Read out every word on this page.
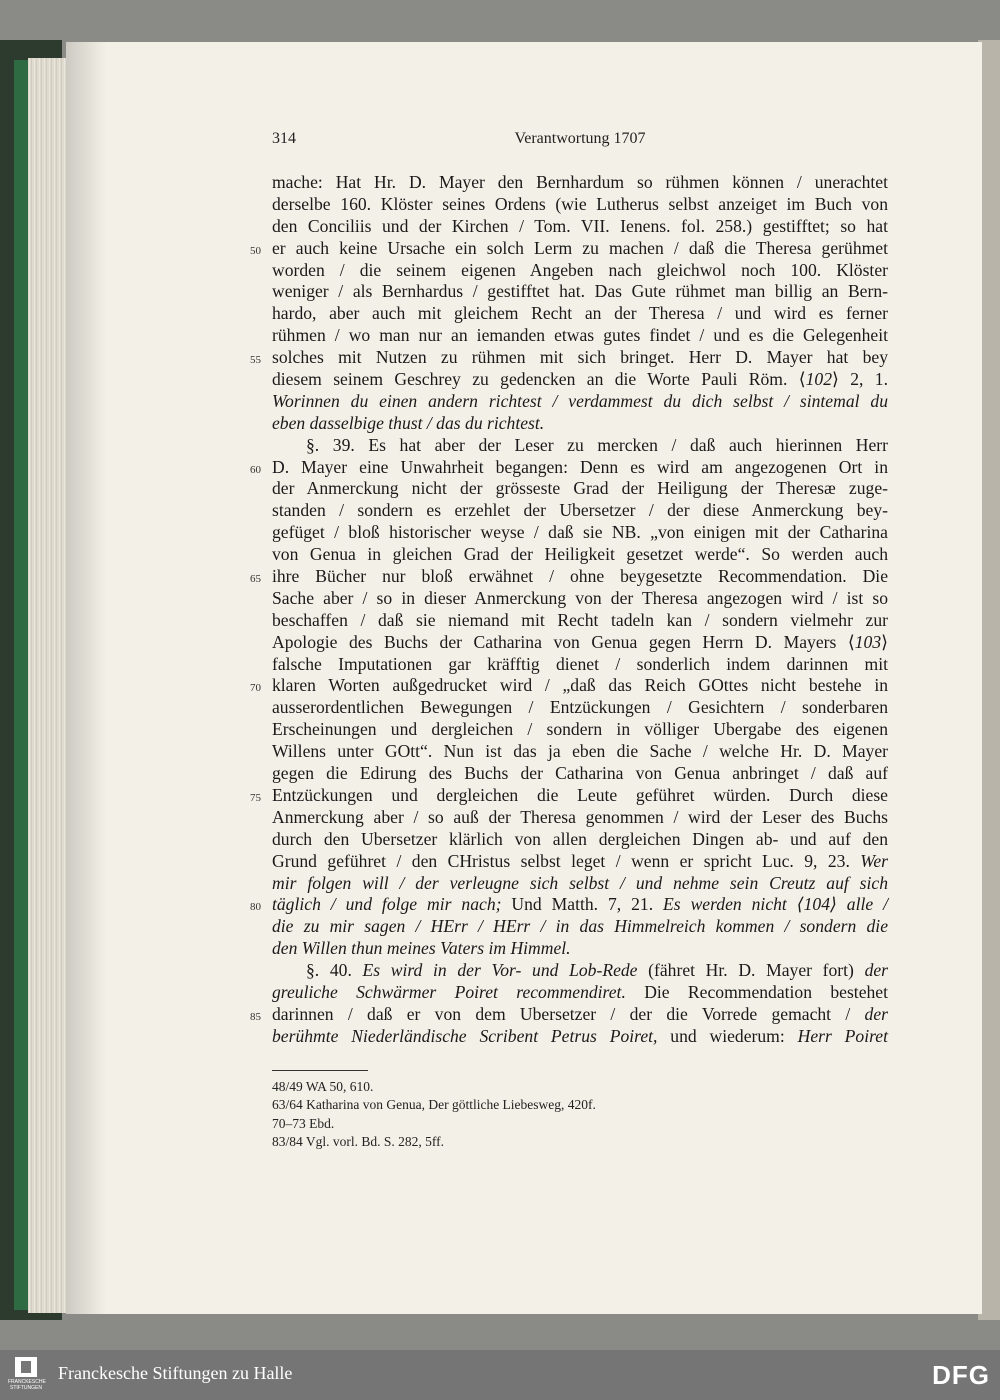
314	Verantwortung 1707
mache: Hat Hr. D. Mayer den Bernhardum so rühmen können / unerachtet
derselbe 160. Klöster seines Ordens (wie Lutherus selbst anzeiget im Buch von
den Conciliis und der Kirchen / Tom. VII. Ienens. fol. 258.) gestifftet; so hat
50 er auch keine Ursache ein solch Lerm zu machen / daß die Theresa gerühmet
worden / die seinem eigenen Angeben nach gleichwol noch 100. Klöster
weniger / als Bernhardus / gestifftet hat. Das Gute rühmet man billig an Bern-
hardo, aber auch mit gleichem Recht an der Theresa / und wird es ferner
rühmen / wo man nur an iemanden etwas gutes findet / und es die Gelegenheit
55 solches mit Nutzen zu rühmen mit sich bringet. Herr D. Mayer hat bey
diesem seinem Geschrey zu gedencken an die Worte Pauli Röm. ⟨102⟩ 2, 1.
Worinnen du einen andern richtest / verdammest du dich selbst / sintemal du
eben dasselbige thust / das du richtest.
§. 39. Es hat aber der Leser zu mercken / daß auch hierinnen Herr
60 D. Mayer eine Unwahrheit begangen: Denn es wird am angezogenen Ort in
der Anmerckung nicht der grösseste Grad der Heiligung der Theresæ zuge-
standen / sondern es erzehlet der Ubersetzer / der diese Anmerckung bey-
gefüget / bloß historischer weyse / daß sie NB. „von einigen mit der Catharina
von Genua in gleichen Grad der Heiligkeit gesetzet werde“. So werden auch
65 ihre Bücher nur bloß erwähnet / ohne beygesetzte Recommendation. Die
Sache aber / so in dieser Anmerckung von der Theresa angezogen wird / ist so
beschaffen / daß sie niemand mit Recht tadeln kan / sondern vielmehr zur
Apologie des Buchs der Catharina von Genua gegen Herrn D. Mayers ⟨103⟩
falsche Imputationen gar kräfftig dienet / sonderlich indem darinnen mit
70 klaren Worten außgedrucket wird / „daß das Reich GOttes nicht bestehe in
ausserordentlichen Bewegungen / Entzückungen / Gesichtern / sonderbaren
Erscheinungen und dergleichen / sondern in völliger Ubergabe des eigenen
Willens unter GOtt“. Nun ist das ja eben die Sache / welche Hr. D. Mayer
gegen die Edirung des Buchs der Catharina von Genua anbringet / daß auf
75 Entzückungen und dergleichen die Leute geführet würden. Durch diese
Anmerckung aber / so auß der Theresa genommen / wird der Leser des Buchs
durch den Ubersetzer klärlich von allen dergleichen Dingen ab- und auf den
Grund geführet / den CHristus selbst leget / wenn er spricht Luc. 9, 23. Wer
mir folgen will / der verleugne sich selbst / und nehme sein Creutz auf sich
80 täglich / und folge mir nach; Und Matth. 7, 21. Es werden nicht ⟨104⟩ alle /
die zu mir sagen / HErr / HErr / in das Himmelreich kommen / sondern die
den Willen thun meines Vaters im Himmel.
§. 40. Es wird in der Vor- und Lob-Rede (fähret Hr. D. Mayer fort) der
greuliche Schwärmer Poiret recommendiret. Die Recommendation bestehet
85 darinnen / daß er von dem Ubersetzer / der die Vorrede gemacht / der
berühmte Niederländische Scribent Petrus Poiret, und wiederum: Herr Poiret
48/49 WA 50, 610.
63/64 Katharina von Genua, Der göttliche Liebesweg, 420f.
70–73 Ebd.
83/84 Vgl. vorl. Bd. S. 282, 5ff.
FRANCKESCHE STIFTUNGEN
Franckesche Stiftungen zu Halle	DFG
